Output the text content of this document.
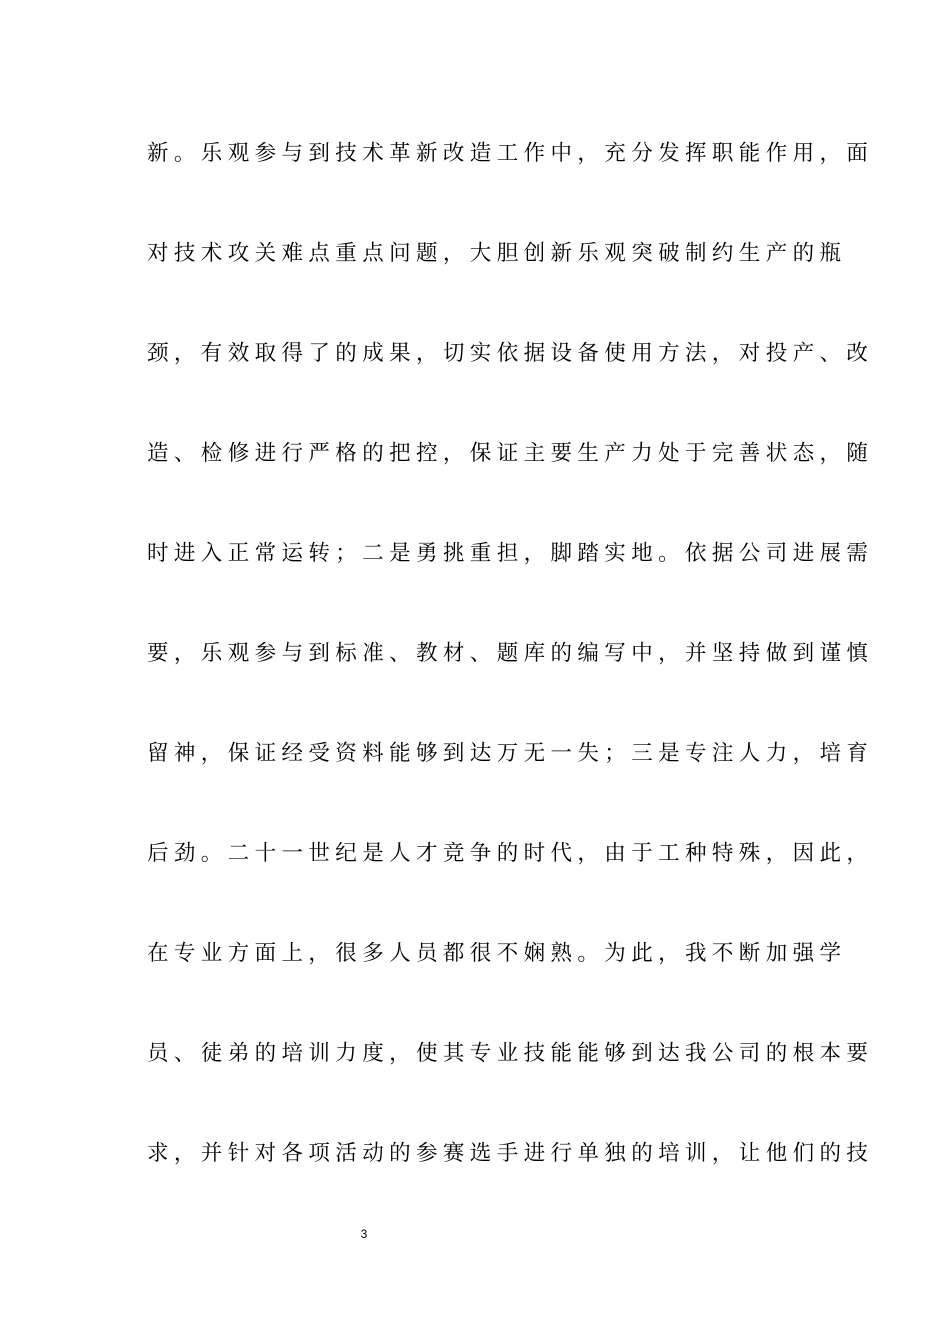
新。乐观参与到技术革新改造工作中，充分发挥职能作用，面
对技术攻关难点重点问题，大胆创新乐观突破制约生产的瓶
颈，有效取得了的成果，切实依据设备使用方法，对投产、改
造、检修进行严格的把控，保证主要生产力处于完善状态，随
时进入正常运转；二是勇挑重担，脚踏实地。依据公司进展需
要，乐观参与到标准、教材、题库的编写中，并坚持做到谨慎
留神，保证经受资料能够到达万无一失；三是专注人力，培育
后劲。二十一世纪是人才竞争的时代，由于工种特殊，因此，
在专业方面上，很多人员都很不娴熟。为此，我不断加强学
员、徒弟的培训力度，使其专业技能能够到达我公司的根本要
求，并针对各项活动的参赛选手进行单独的培训，让他们的技
3
